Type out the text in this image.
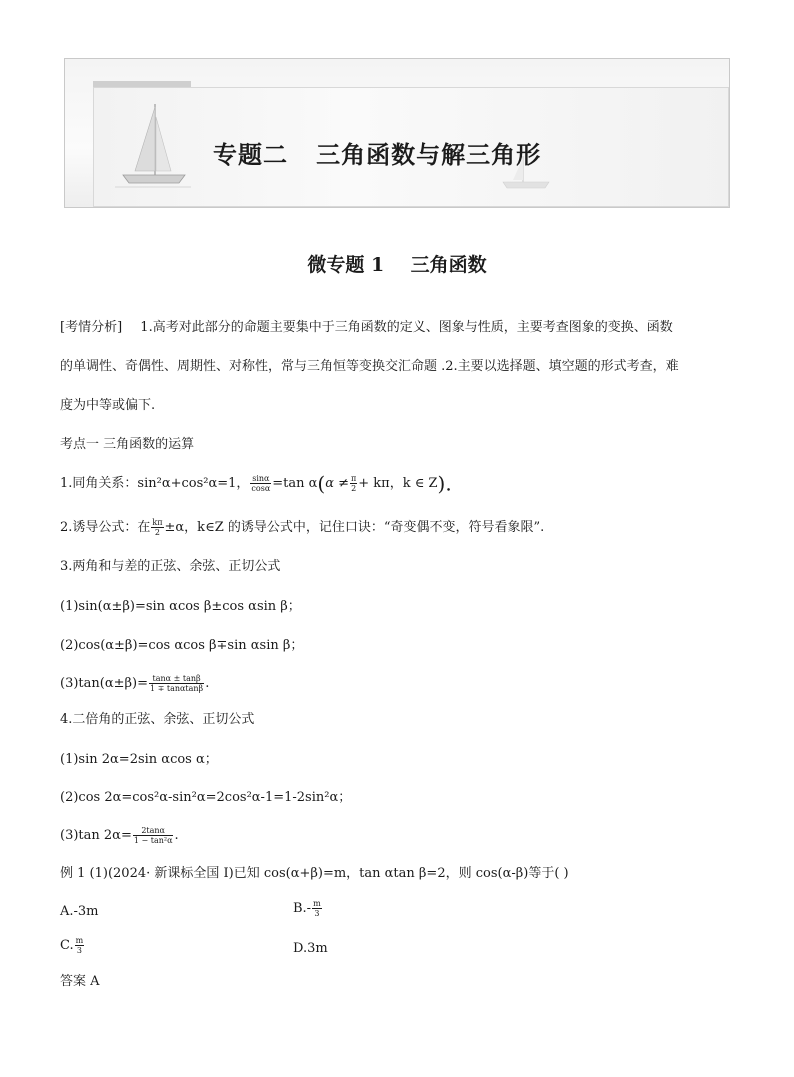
专题二   三角函数与解三角形
微专题 1    三角函数
[考情分析] 1.高考对此部分的命题主要集中于三角函数的定义、图象与性质，主要考查图象的变换、函数
的单调性、奇偶性、周期性、对称性，常与三角恒等变换交汇命题 .2.主要以选择题、填空题的形式考查，难
度为中等或偏下.
考点一 三角函数的运算
1.同角关系：sin²α+cos²α=1， $\frac{\sin\alpha}{\cos\alpha} =\tan$ $\alpha(\alpha \ne \frac{\pi}{2} + k\pi$，k ∈ Z).
2.诱导公式：在 $\frac{k\pi}{2} \pm\alpha$，k∈Z 的诱导公式中，记住口诀：“奇变偶不变，符号看象限”.
3.两角和与差的正弦、余弦、正切公式
(1)sin(α±β)=sin αcos β±cos αsin β；
(2)cos(α±β)=cos αcos β∓sin αsin β；
$(3)\tan(\alpha\pm\beta)= \frac{\tan\alpha \pm \tan\beta}{1 \mp \tan\alpha\tan\beta}$ .
4.二倍角的正弦、余弦、正切公式
(1)sin 2α=2sin αcos α；
(2)cos 2α=cos²α-sin²α=2cos²α-1=1-2sin²α；
(3)tan $2\alpha= \frac{2\tan\alpha}{\text{1 − tan²α}}$ .
例 1 (1)(2024· 新课标全国 Ⅰ)已知 cos(α+β)=m，tan αtan β=2，则 cos(α-β)等于( )
A.-3m	$B.- \frac{m}{3}$
C. $\frac{m}{3}$	D.3m
答案 A
